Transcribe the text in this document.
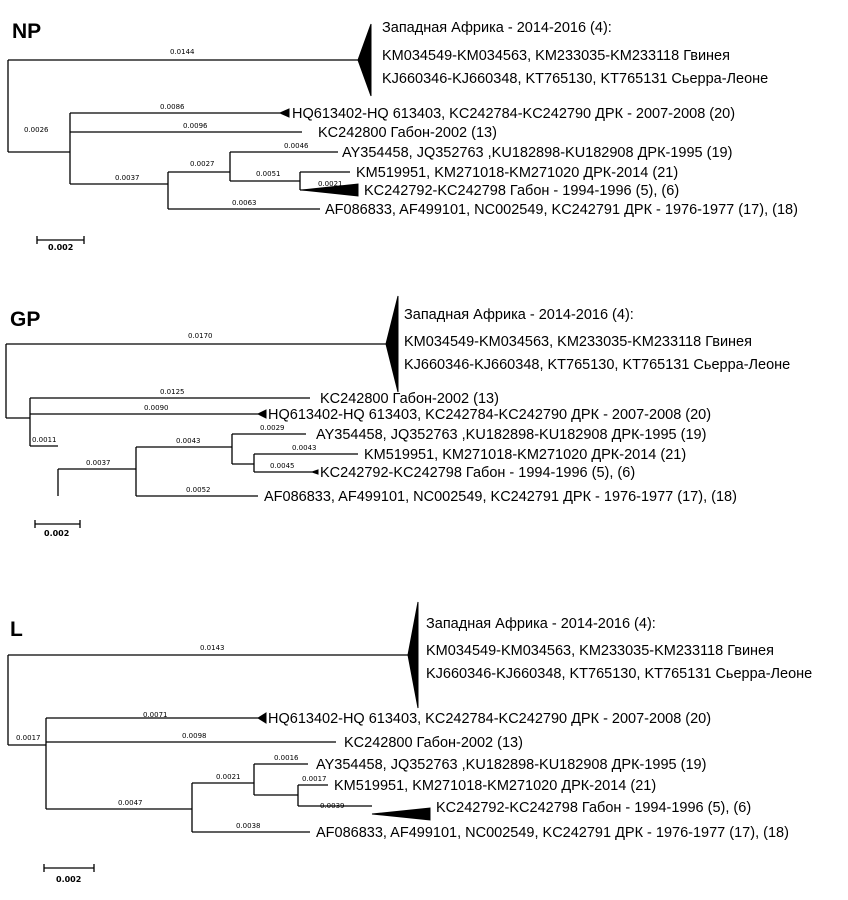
NP
0.0144
0.0086
0.0026	0.0096
0.0046
0.0027
0.0051
0.0037
0.0021
0.0063
Западная Африка - 2014-2016 (4):
KM034549-KM034563, KM233035-KM233118 Гвинея
KJ660346-KJ660348, KT765130, KT765131 Сьерра-Леоне
HQ613402-HQ 613403, KC242784-KC242790 ДРК - 2007-2008 (20)
KC242800 Габон-2002 (13)
AY354458, JQ352763 ,KU182898-KU182908 ДРК-1995 (19)
KM519951, KM271018-KM271020 ДРК-2014 (21)
KC242792-KC242798 Габон - 1994-1996 (5), (6)
AF086833, AF499101, NC002549, KC242791 ДРК - 1976-1977 (17), (18)
0.002
GP
0.0170
0.0125
0.0090
0.0011
0.0029
0.0043
0.0043
0.0037	0.0045
0.0052
Западная Африка - 2014-2016 (4):
KM034549-KM034563, KM233035-KM233118 Гвинея
KJ660346-KJ660348, KT765130, KT765131 Сьерра-Леоне
KC242800 Габон-2002 (13)
HQ613402-HQ 613403, KC242784-KC242790 ДРК - 2007-2008 (20)
AY354458, JQ352763 ,KU182898-KU182908 ДРК-1995 (19)
KM519951, KM271018-KM271020 ДРК-2014 (21)
KC242792-KC242798 Габон - 1994-1996 (5), (6)
AF086833, AF499101, NC002549, KC242791 ДРК - 1976-1977 (17), (18)
0.002
L
0.0143
0.0071
0.0017	0.0098
0.0016
0.0021	0.0017
0.0047	0.0039
0.0038
Западная Африка - 2014-2016 (4):
KM034549-KM034563, KM233035-KM233118 Гвинея
KJ660346-KJ660348, KT765130, KT765131 Сьерра-Леоне
HQ613402-HQ 613403, KC242784-KC242790 ДРК - 2007-2008 (20)
KC242800 Габон-2002 (13)
AY354458, JQ352763 ,KU182898-KU182908 ДРК-1995 (19)
KM519951, KM271018-KM271020 ДРК-2014 (21)
KC242792-KC242798 Габон - 1994-1996 (5), (6)
AF086833, AF499101, NC002549, KC242791 ДРК - 1976-1977 (17), (18)
0.002
